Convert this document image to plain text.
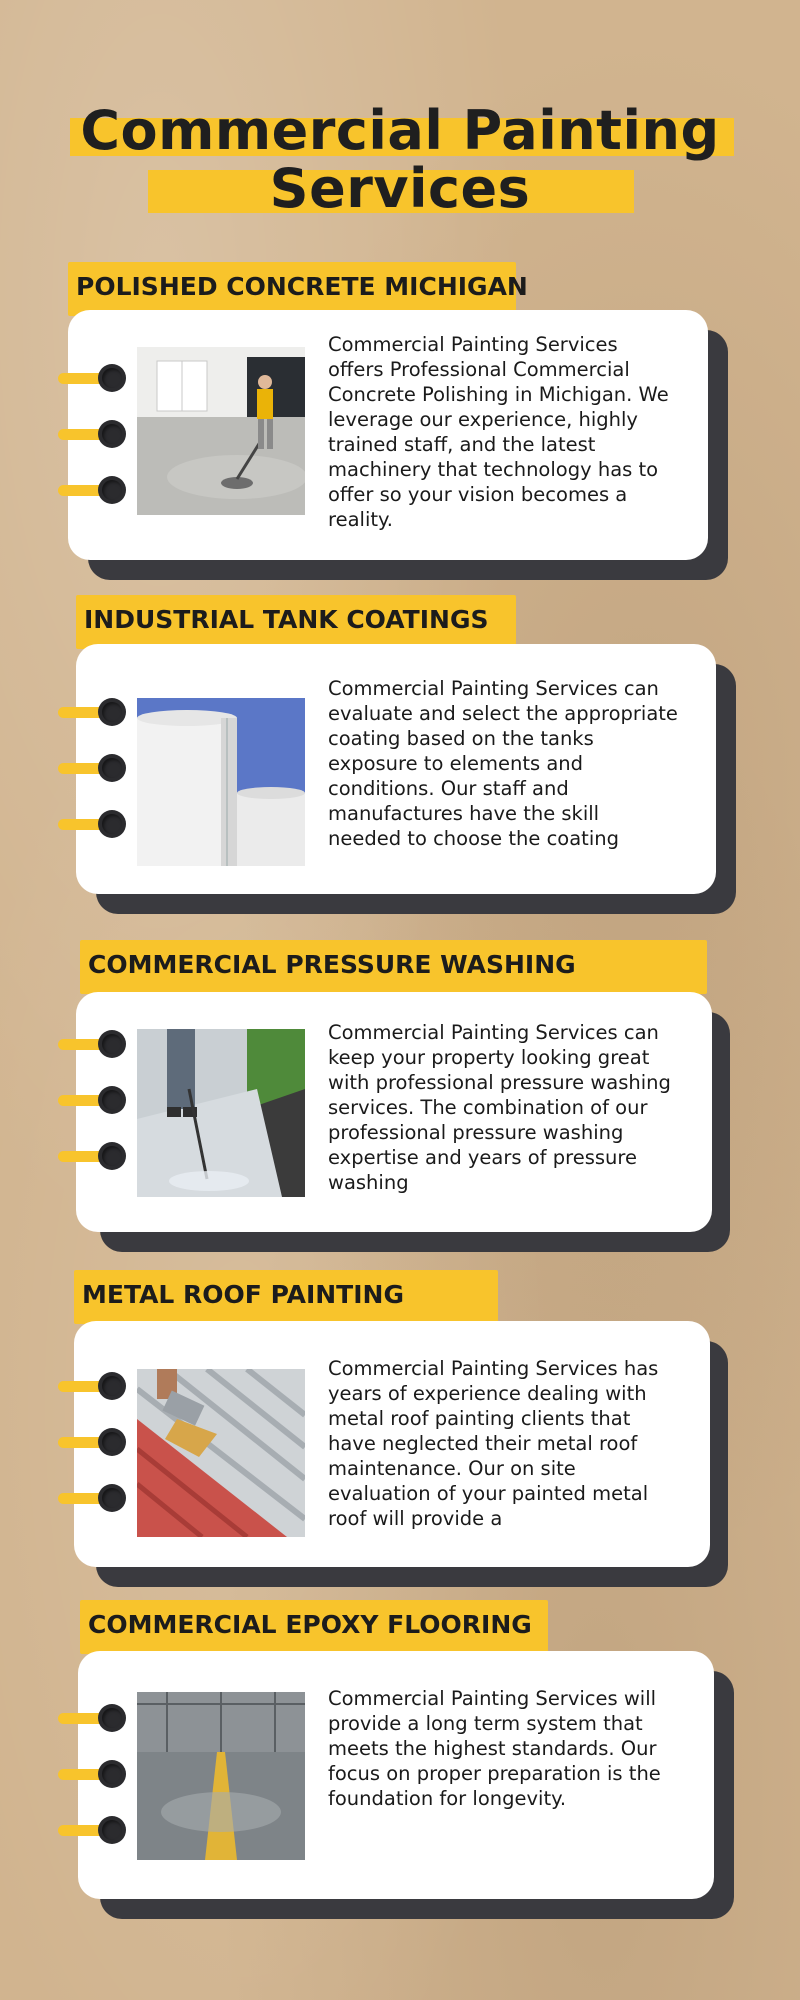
Commercial Painting
Services
POLISHED CONCRETE MICHIGAN
Commercial Painting Services offers Professional Commercial Concrete Polishing in Michigan. We leverage our experience, highly trained staff, and the latest machinery that technology has to offer so your vision becomes a reality.
INDUSTRIAL TANK COATINGS
Commercial Painting Services can evaluate and select the appropriate coating based on the tanks exposure to elements and conditions. Our staff and manufactures have the skill needed to choose the coating
COMMERCIAL PRESSURE WASHING
Commercial Painting Services can keep your property looking great with professional pressure washing services. The combination of our professional pressure washing expertise and years of pressure washing
METAL ROOF PAINTING
Commercial Painting Services has years of experience dealing with metal roof painting clients that have neglected their metal roof maintenance. Our on site evaluation of your painted metal roof will provide a
COMMERCIAL EPOXY FLOORING
Commercial Painting Services will provide a long term system that meets the highest standards. Our focus on proper preparation is the foundation for longevity.
